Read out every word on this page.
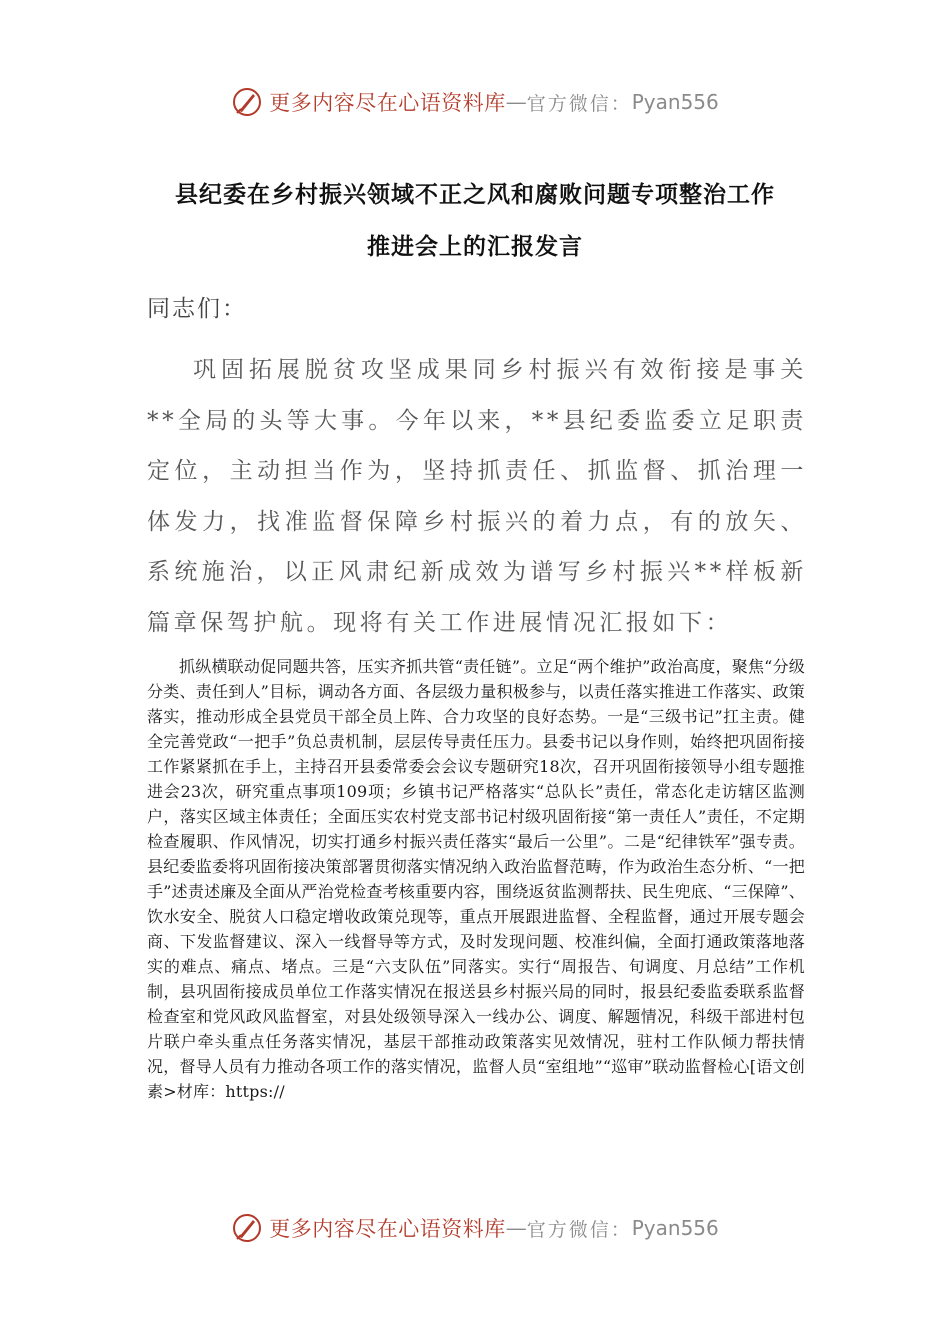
更多内容尽在心语资料库 — 官方微信： Pyan556
县纪委在乡村振兴领域不正之风和腐败问题专项整治工作
推进会上的汇报发言
同志们：

巩固拓展脱贫攻坚成果同乡村振兴有效衔接是事关**全局的头等大事。今年以来，**县纪委监委立足职责定位，主动担当作为，坚持抓责任、抓监督、抓治理一体发力，找准监督保障乡村振兴的着力点，有的放矢、系统施治，以正风肃纪新成效为谱写乡村振兴**样板新篇章保驾护航。现将有关工作进展情况汇报如下：

抓纵横联动促同题共答，压实齐抓共管“责任链”。立足“两个维护”政治高度，聚焦“分级分类、责任到人”目标，调动各方面、各层级力量积极参与，以责任落实推进工作落实、政策落实，推动形成全县党员干部全员上阵、合力攻坚的良好态势。一是“三级书记”扛主责。健全完善党政“一把手”负总责机制，层层传导责任压力。县委书记以身作则，始终把巩固衔接工作紧紧抓在手上，主持召开县委常委会会议专题研究18次，召开巩固衔接领导小组专题推进会23次，研究重点事项109项；乡镇书记严格落实“总队长”责任，常态化走访辖区监测户，落实区域主体责任；全面压实农村党支部书记村级巩固衔接“第一责任人”责任，不定期检查履职、作风情况，切实打通乡村振兴责任落实“最后一公里”。二是“纪律铁军”强专责。县纪委监委将巩固衔接决策部署贯彻落实情况纳入政治监督范畴，作为政治生态分析、“一把手”述责述廉及全面从严治党检查考核重要内容，围绕返贫监测帮扶、民生兜底、“三保障”、饮水安全、脱贫人口稳定增收政策兑现等，重点开展跟进监督、全程监督，通过开展专题会商、下发监督建议、深入一线督导等方式，及时发现问题、校准纠偏，全面打通政策落地落实的难点、痛点、堵点。三是“六支队伍”同落实。实行“周报告、旬调度、月总结”工作机制，县巩固衔接成员单位工作落实情况在报送县乡村振兴局的同时，报县纪委监委联系监督检查室和党风政风监督室，对县处级领导深入一线办公、调度、解题情况，科级干部进村包片联户牵头重点任务落实情况，基层干部推动政策落实见效情况，驻村工作队倾力帮扶情况，督导人员有力推动各项工作的落实情况，监督人员“室组地”“巡审”联动监督检心[语文创素>材库：https://

更多内容尽在心语资料库 — 官方微信： Pyan556
